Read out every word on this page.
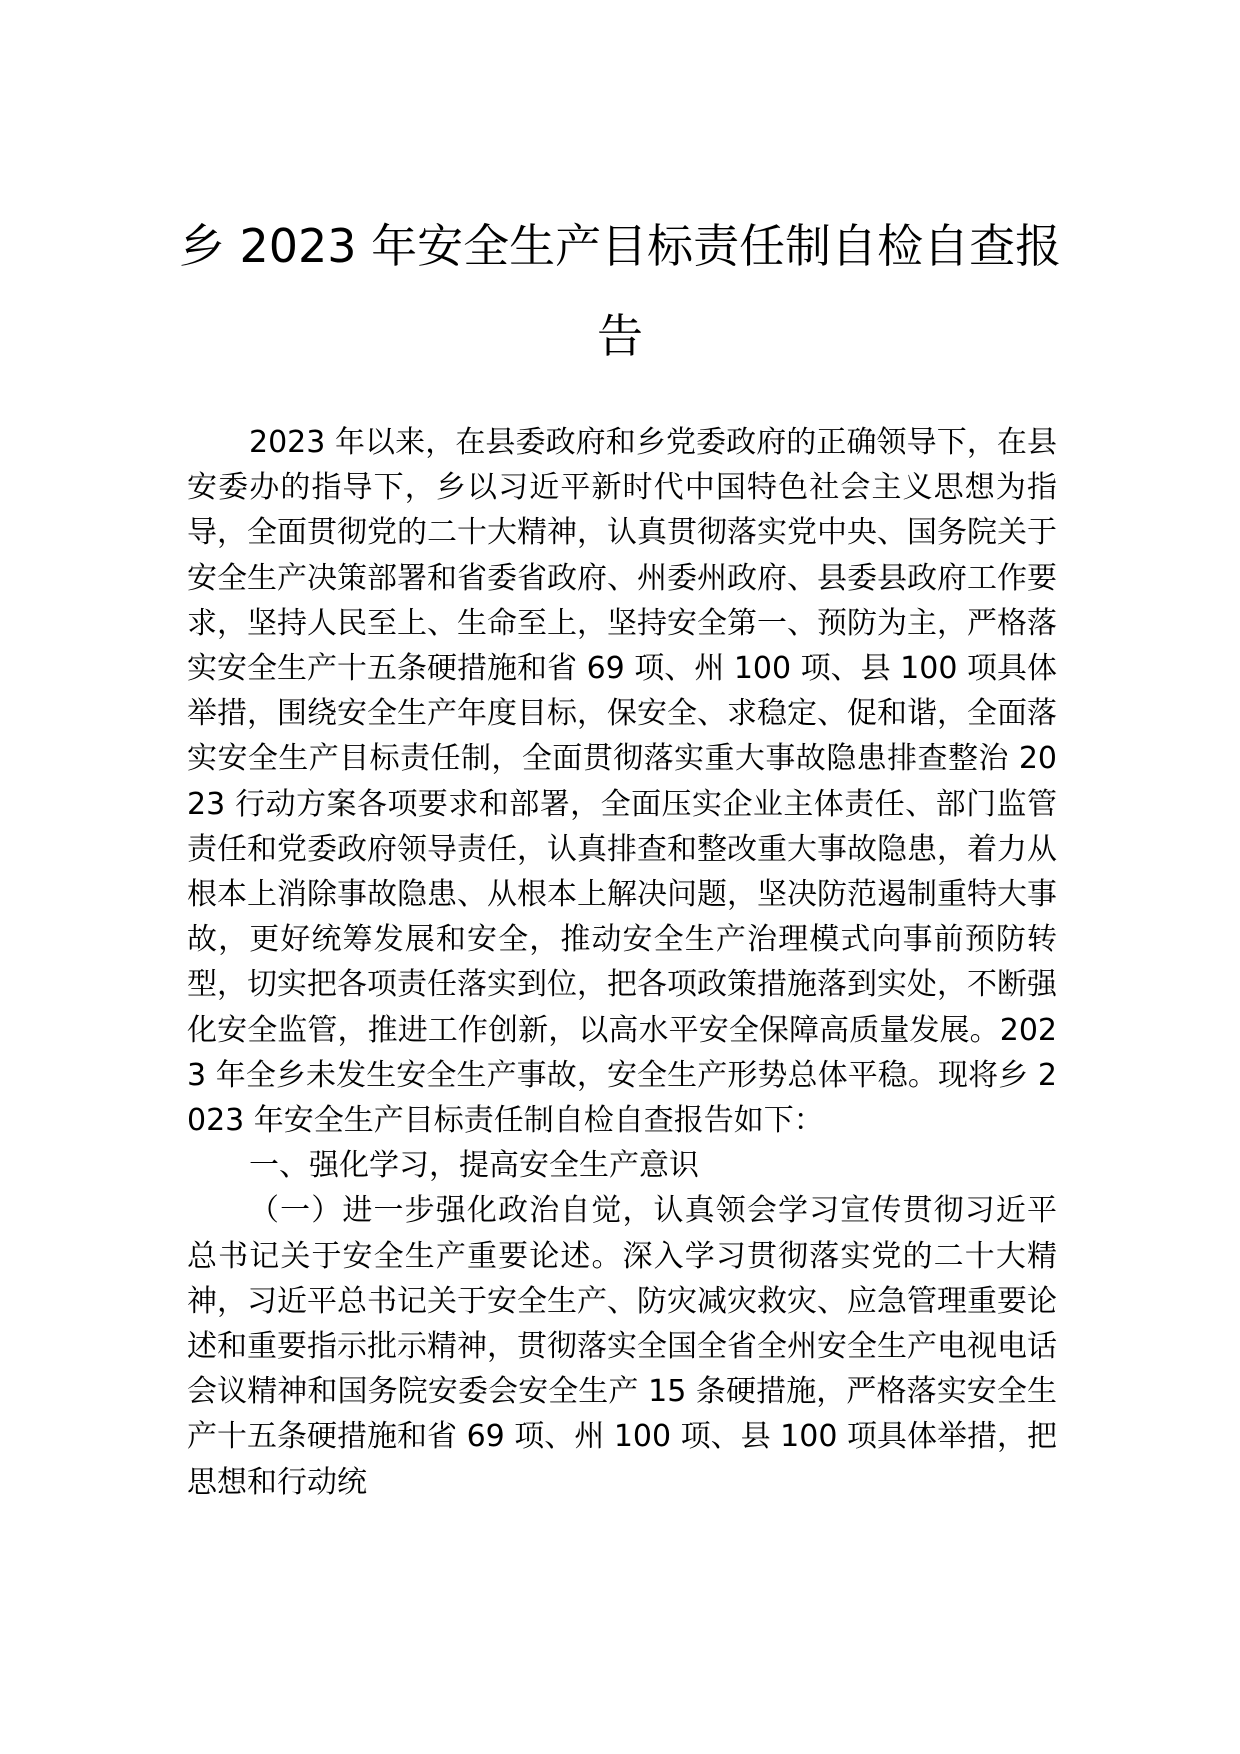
乡 2023 年安全生产目标责任制自检自查报
告

2023 年以来，在县委政府和乡党委政府的正确领导下，在县安委办的指导下，乡以习近平新时代中国特色社会主义思想为指导，全面贯彻党的二十大精神，认真贯彻落实党中央、国务院关于安全生产决策部署和省委省政府、州委州政府、县委县政府工作要求，坚持人民至上、生命至上，坚持安全第一、预防为主，严格落实安全生产十五条硬措施和省 69 项、州 100 项、县 100 项具体举措，围绕安全生产年度目标，保安全、求稳定、促和谐，全面落实安全生产目标责任制，全面贯彻落实重大事故隐患排查整治 2023 行动方案各项要求和部署，全面压实企业主体责任、部门监管责任和党委政府领导责任，认真排查和整改重大事故隐患，着力从根本上消除事故隐患、从根本上解决问题，坚决防范遏制重特大事故，更好统筹发展和安全，推动安全生产治理模式向事前预防转型，切实把各项责任落实到位，把各项政策措施落到实处，不断强化安全监管，推进工作创新，以高水平安全保障高质量发展。2023 年全乡未发生安全生产事故，安全生产形势总体平稳。现将乡 2023 年安全生产目标责任制自检自查报告如下：

一、强化学习，提高安全生产意识

（一）进一步强化政治自觉，认真领会学习宣传贯彻习近平总书记关于安全生产重要论述。深入学习贯彻落实党的二十大精神，习近平总书记关于安全生产、防灾减灾救灾、应急管理重要论述和重要指示批示精神，贯彻落实全国全省全州安全生产电视电话会议精神和国务院安委会安全生产 15 条硬措施，严格落实安全生产十五条硬措施和省 69 项、州 100 项、县 100 项具体举措，把思想和行动统
